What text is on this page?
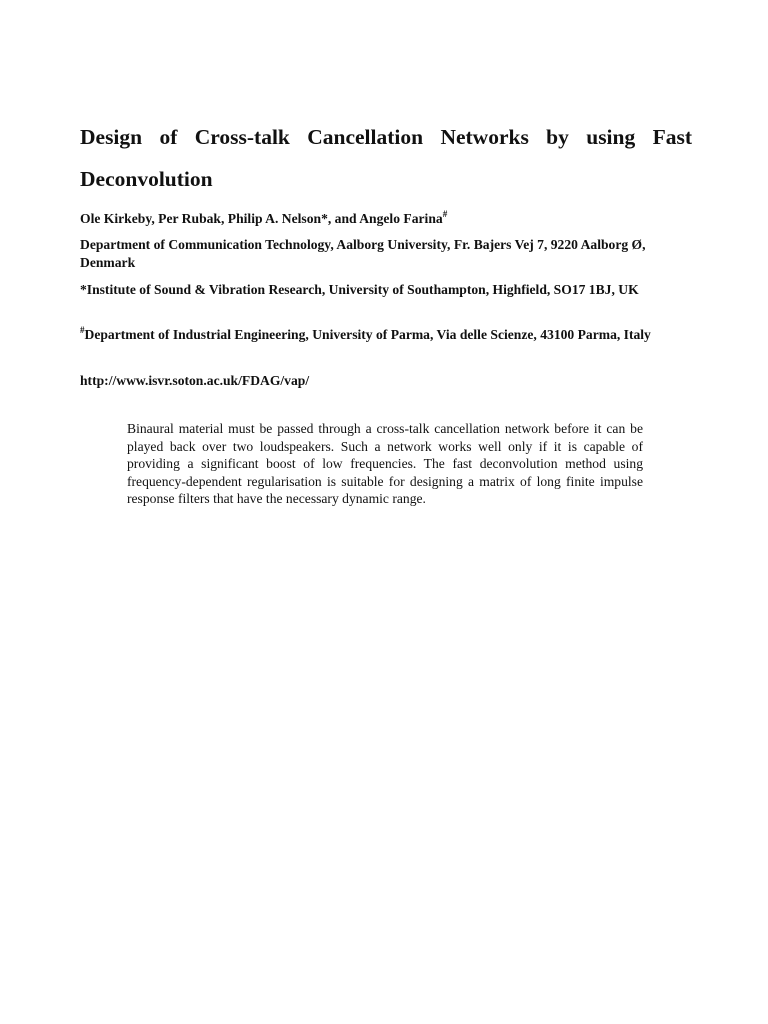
Design of Cross-talk Cancellation Networks by using Fast Deconvolution

Ole Kirkeby, Per Rubak, Philip A. Nelson*, and Angelo Farina#

Department of Communication Technology, Aalborg University, Fr. Bajers Vej 7, 9220 Aalborg Ø, Denmark

*Institute of Sound & Vibration Research, University of Southampton, Highfield, SO17 1BJ, UK

#Department of Industrial Engineering, University of Parma, Via delle Scienze, 43100 Parma, Italy

http://www.isvr.soton.ac.uk/FDAG/vap/

Binaural material must be passed through a cross-talk cancellation network before it can be played back over two loudspeakers. Such a network works well only if it is capable of providing a significant boost of low frequencies. The fast deconvolution method using frequency-dependent regularisation is suitable for designing a matrix of long finite impulse response filters that have the necessary dynamic range.
